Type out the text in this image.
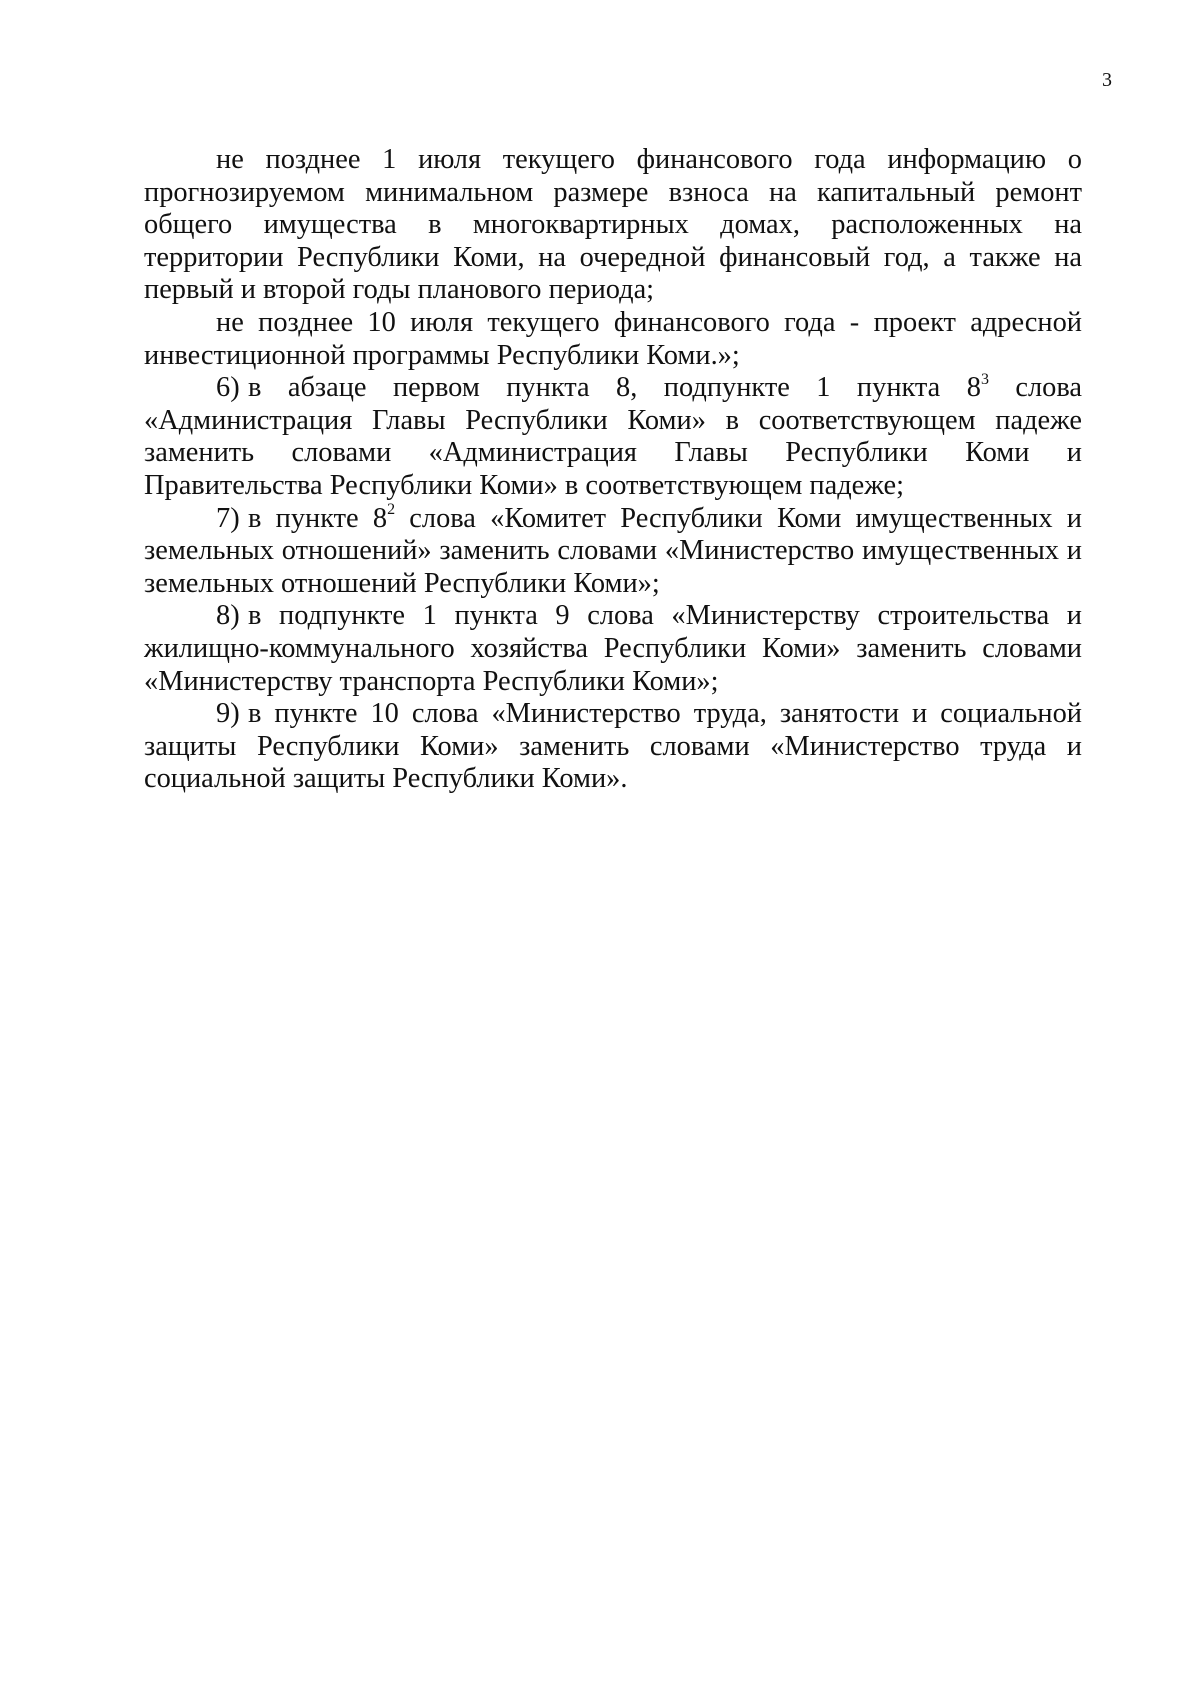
3

не позднее 1 июля текущего финансового года информацию о прогнозируемом минимальном размере взноса на капитальный ремонт общего имущества в многоквартирных домах, расположенных на территории Республики Коми, на очередной финансовый год, а также на первый и второй годы планового периода;

не позднее 10 июля текущего финансового года - проект адресной инвестиционной программы Республики Коми.»;

6) в абзаце первом пункта 8, подпункте 1 пункта $8^3$ слова «Администрация Главы Республики Коми» в соответствующем падеже заменить словами «Администрация Главы Республики Коми и Правительства Республики Коми» в соответствующем падеже;

7) в пункте $8^2$ слова «Комитет Республики Коми имущественных и земельных отношений» заменить словами «Министерство имущественных и земельных отношений Республики Коми»;

8) в подпункте 1 пункта 9 слова «Министерству строительства и жилищно-коммунального хозяйства Республики Коми» заменить словами «Министерству транспорта Республики Коми»;

9) в пункте 10 слова «Министерство труда, занятости и социальной защиты Республики Коми» заменить словами «Министерство труда и социальной защиты Республики Коми».
